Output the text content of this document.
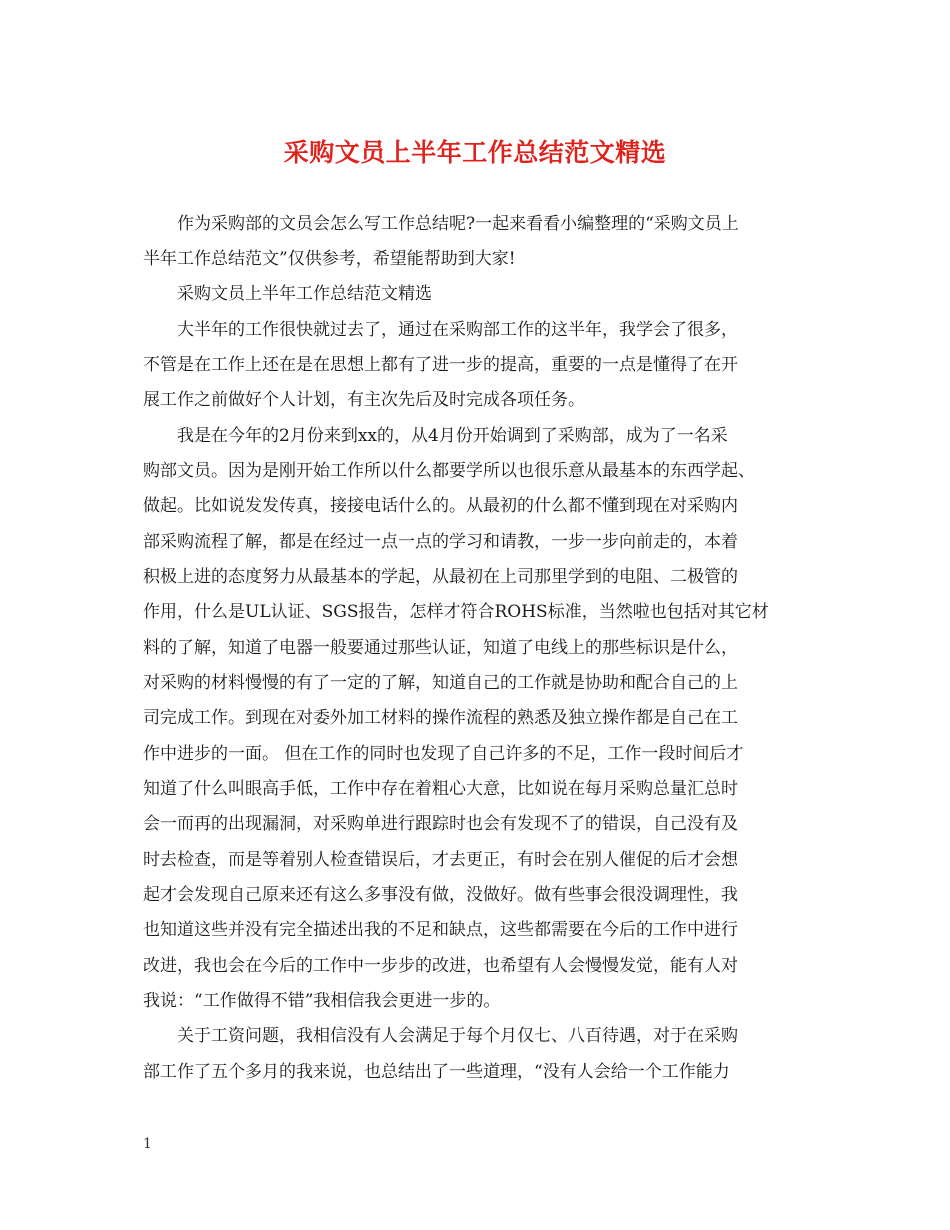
采购文员上半年工作总结范文精选
作为采购部的文员会怎么写工作总结呢?一起来看看小编整理的“采购文员上
半年工作总结范文”仅供参考，希望能帮助到大家!
采购文员上半年工作总结范文精选
大半年的工作很快就过去了，通过在采购部工作的这半年，我学会了很多，
不管是在工作上还在是在思想上都有了进一步的提高，重要的一点是懂得了在开
展工作之前做好个人计划，有主次先后及时完成各项任务。
我是在今年的2月份来到xx的，从4月份开始调到了采购部，成为了一名采
购部文员。因为是刚开始工作所以什么都要学所以也很乐意从最基本的东西学起、
做起。比如说发发传真，接接电话什么的。从最初的什么都不懂到现在对采购内
部采购流程了解，都是在经过一点一点的学习和请教，一步一步向前走的，本着
积极上进的态度努力从最基本的学起，从最初在上司那里学到的电阻、二极管的
作用，什么是UL认证、SGS报告，怎样才符合ROHS标准，当然啦也包括对其它材
料的了解，知道了电器一般要通过那些认证，知道了电线上的那些标识是什么，
对采购的材料慢慢的有了一定的了解，知道自己的工作就是协助和配合自己的上
司完成工作。到现在对委外加工材料的操作流程的熟悉及独立操作都是自己在工
作中进步的一面。 但在工作的同时也发现了自己许多的不足，工作一段时间后才
知道了什么叫眼高手低，工作中存在着粗心大意，比如说在每月采购总量汇总时
会一而再的出现漏洞，对采购单进行跟踪时也会有发现不了的错误，自己没有及
时去检查，而是等着别人检查错误后，才去更正，有时会在别人催促的后才会想
起才会发现自己原来还有这么多事没有做，没做好。做有些事会很没调理性，我
也知道这些并没有完全描述出我的不足和缺点，这些都需要在今后的工作中进行
改进，我也会在今后的工作中一步步的改进，也希望有人会慢慢发觉，能有人对
我说：“工作做得不错”我相信我会更进一步的。
关于工资问题，我相信没有人会满足于每个月仅七、八百待遇，对于在采购
部工作了五个多月的我来说，也总结出了一些道理，“没有人会给一个工作能力
1
